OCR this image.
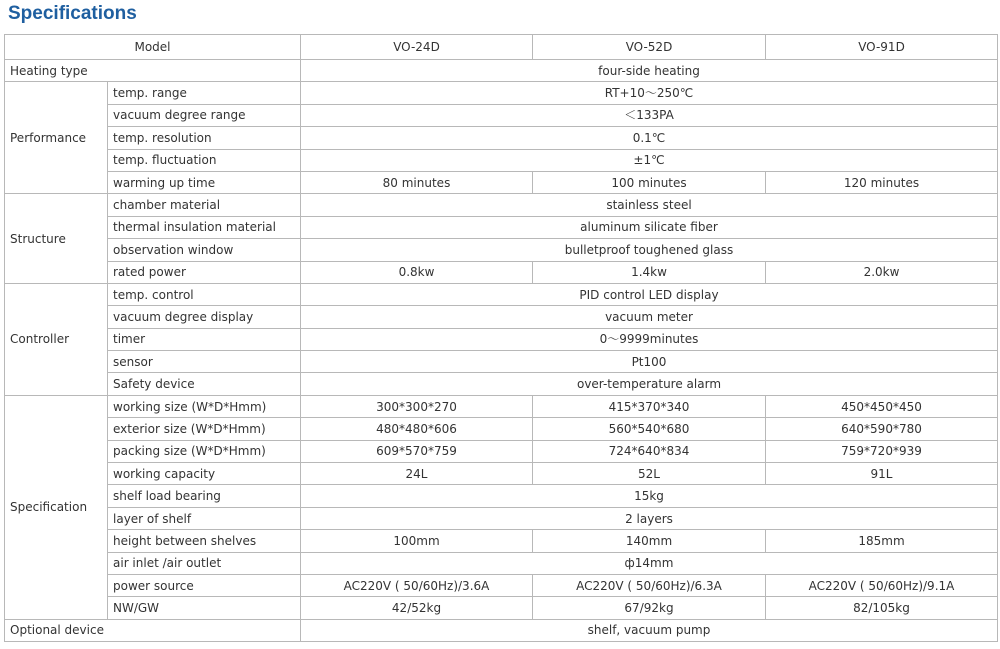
Specifications
Model		VO-24D	VO-52D	VO-91D
Heating type		four-side heating		
Performance	temp. range	RT+10～250℃		
	vacuum degree range	＜133PA		
	temp. resolution	0.1℃		
	temp. fluctuation	±1℃		
	warming up time	80 minutes	100 minutes	120 minutes
Structure	chamber material	stainless steel		
	thermal insulation material	aluminum silicate fiber		
	observation window	bulletproof toughened glass		
	rated power	0.8kw	1.4kw	2.0kw
Controller	temp. control	PID control LED display		
	vacuum degree display	vacuum meter		
	timer	0～9999minutes		
	sensor	Pt100		
	Safety device	over-temperature alarm		
Specification	working size (W*D*Hmm)	300*300*270	415*370*340	450*450*450
	exterior size (W*D*Hmm)	480*480*606	560*540*680	640*590*780
	packing size (W*D*Hmm)	609*570*759	724*640*834	759*720*939
	working capacity	24L	52L	91L
	shelf load bearing	15kg		
	layer of shelf	2 layers		
	height between shelves	100mm	140mm	185mm
	air inlet /air outlet	ф14mm		
	power source	AC220V ( 50/60Hz)/3.6A	AC220V ( 50/60Hz)/6.3A	AC220V ( 50/60Hz)/9.1A
	NW/GW	42/52kg	67/92kg	82/105kg
Optional device		shelf, vacuum pump		
